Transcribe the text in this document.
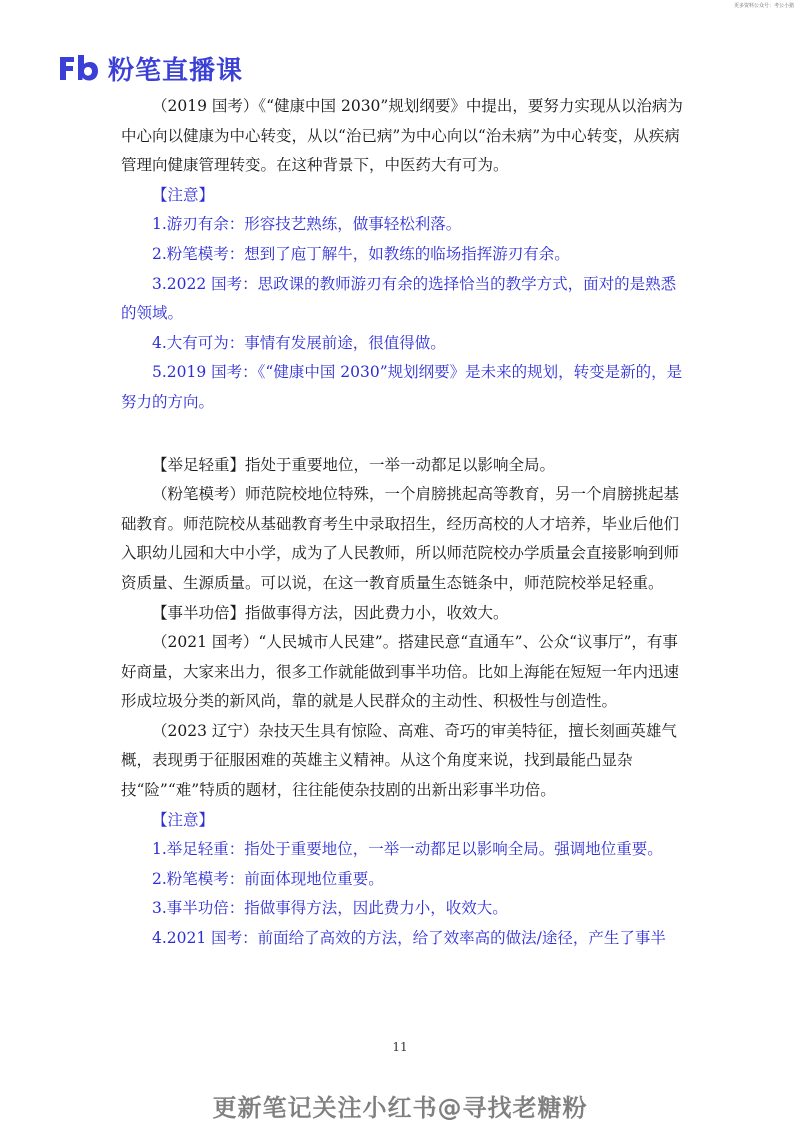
更多资料公众号：考公小猪
粉笔直播课

（2019 国考）《“健康中国 2030”规划纲要》中提出，要努力实现从以治病为中心向以健康为中心转变，从以“治已病”为中心向以“治未病”为中心转变，从疾病管理向健康管理转变。在这种背景下，中医药大有可为。

【注意】

1.游刃有余：形容技艺熟练，做事轻松利落。

2.粉笔模考：想到了庖丁解牛，如教练的临场指挥游刃有余。

3.2022 国考：思政课的教师游刃有余的选择恰当的教学方式，面对的是熟悉的领域。

4.大有可为：事情有发展前途，很值得做。

5.2019 国考：《“健康中国 2030”规划纲要》是未来的规划，转变是新的，是努力的方向。

【举足轻重】指处于重要地位，一举一动都足以影响全局。

（粉笔模考）师范院校地位特殊，一个肩膀挑起高等教育，另一个肩膀挑起基础教育。师范院校从基础教育考生中录取招生，经历高校的人才培养，毕业后他们入职幼儿园和大中小学，成为了人民教师，所以师范院校办学质量会直接影响到师资质量、生源质量。可以说，在这一教育质量生态链条中，师范院校举足轻重。

【事半功倍】指做事得方法，因此费力小，收效大。

（2021 国考）“人民城市人民建”。搭建民意“直通车”、公众“议事厅”，有事好商量，大家来出力，很多工作就能做到事半功倍。比如上海能在短短一年内迅速形成垃圾分类的新风尚，靠的就是人民群众的主动性、积极性与创造性。

（2023 辽宁）杂技天生具有惊险、高难、奇巧的审美特征，擅长刻画英雄气概，表现勇于征服困难的英雄主义精神。从这个角度来说，找到最能凸显杂技“险”“难”特质的题材，往往能使杂技剧的出新出彩事半功倍。

【注意】

1.举足轻重：指处于重要地位，一举一动都足以影响全局。强调地位重要。

2.粉笔模考：前面体现地位重要。

3.事半功倍：指做事得方法，因此费力小，收效大。

4.2021 国考：前面给了高效的方法，给了效率高的做法/途径，产生了事半

11
更新笔记关注小红书@寻找老糖粉
